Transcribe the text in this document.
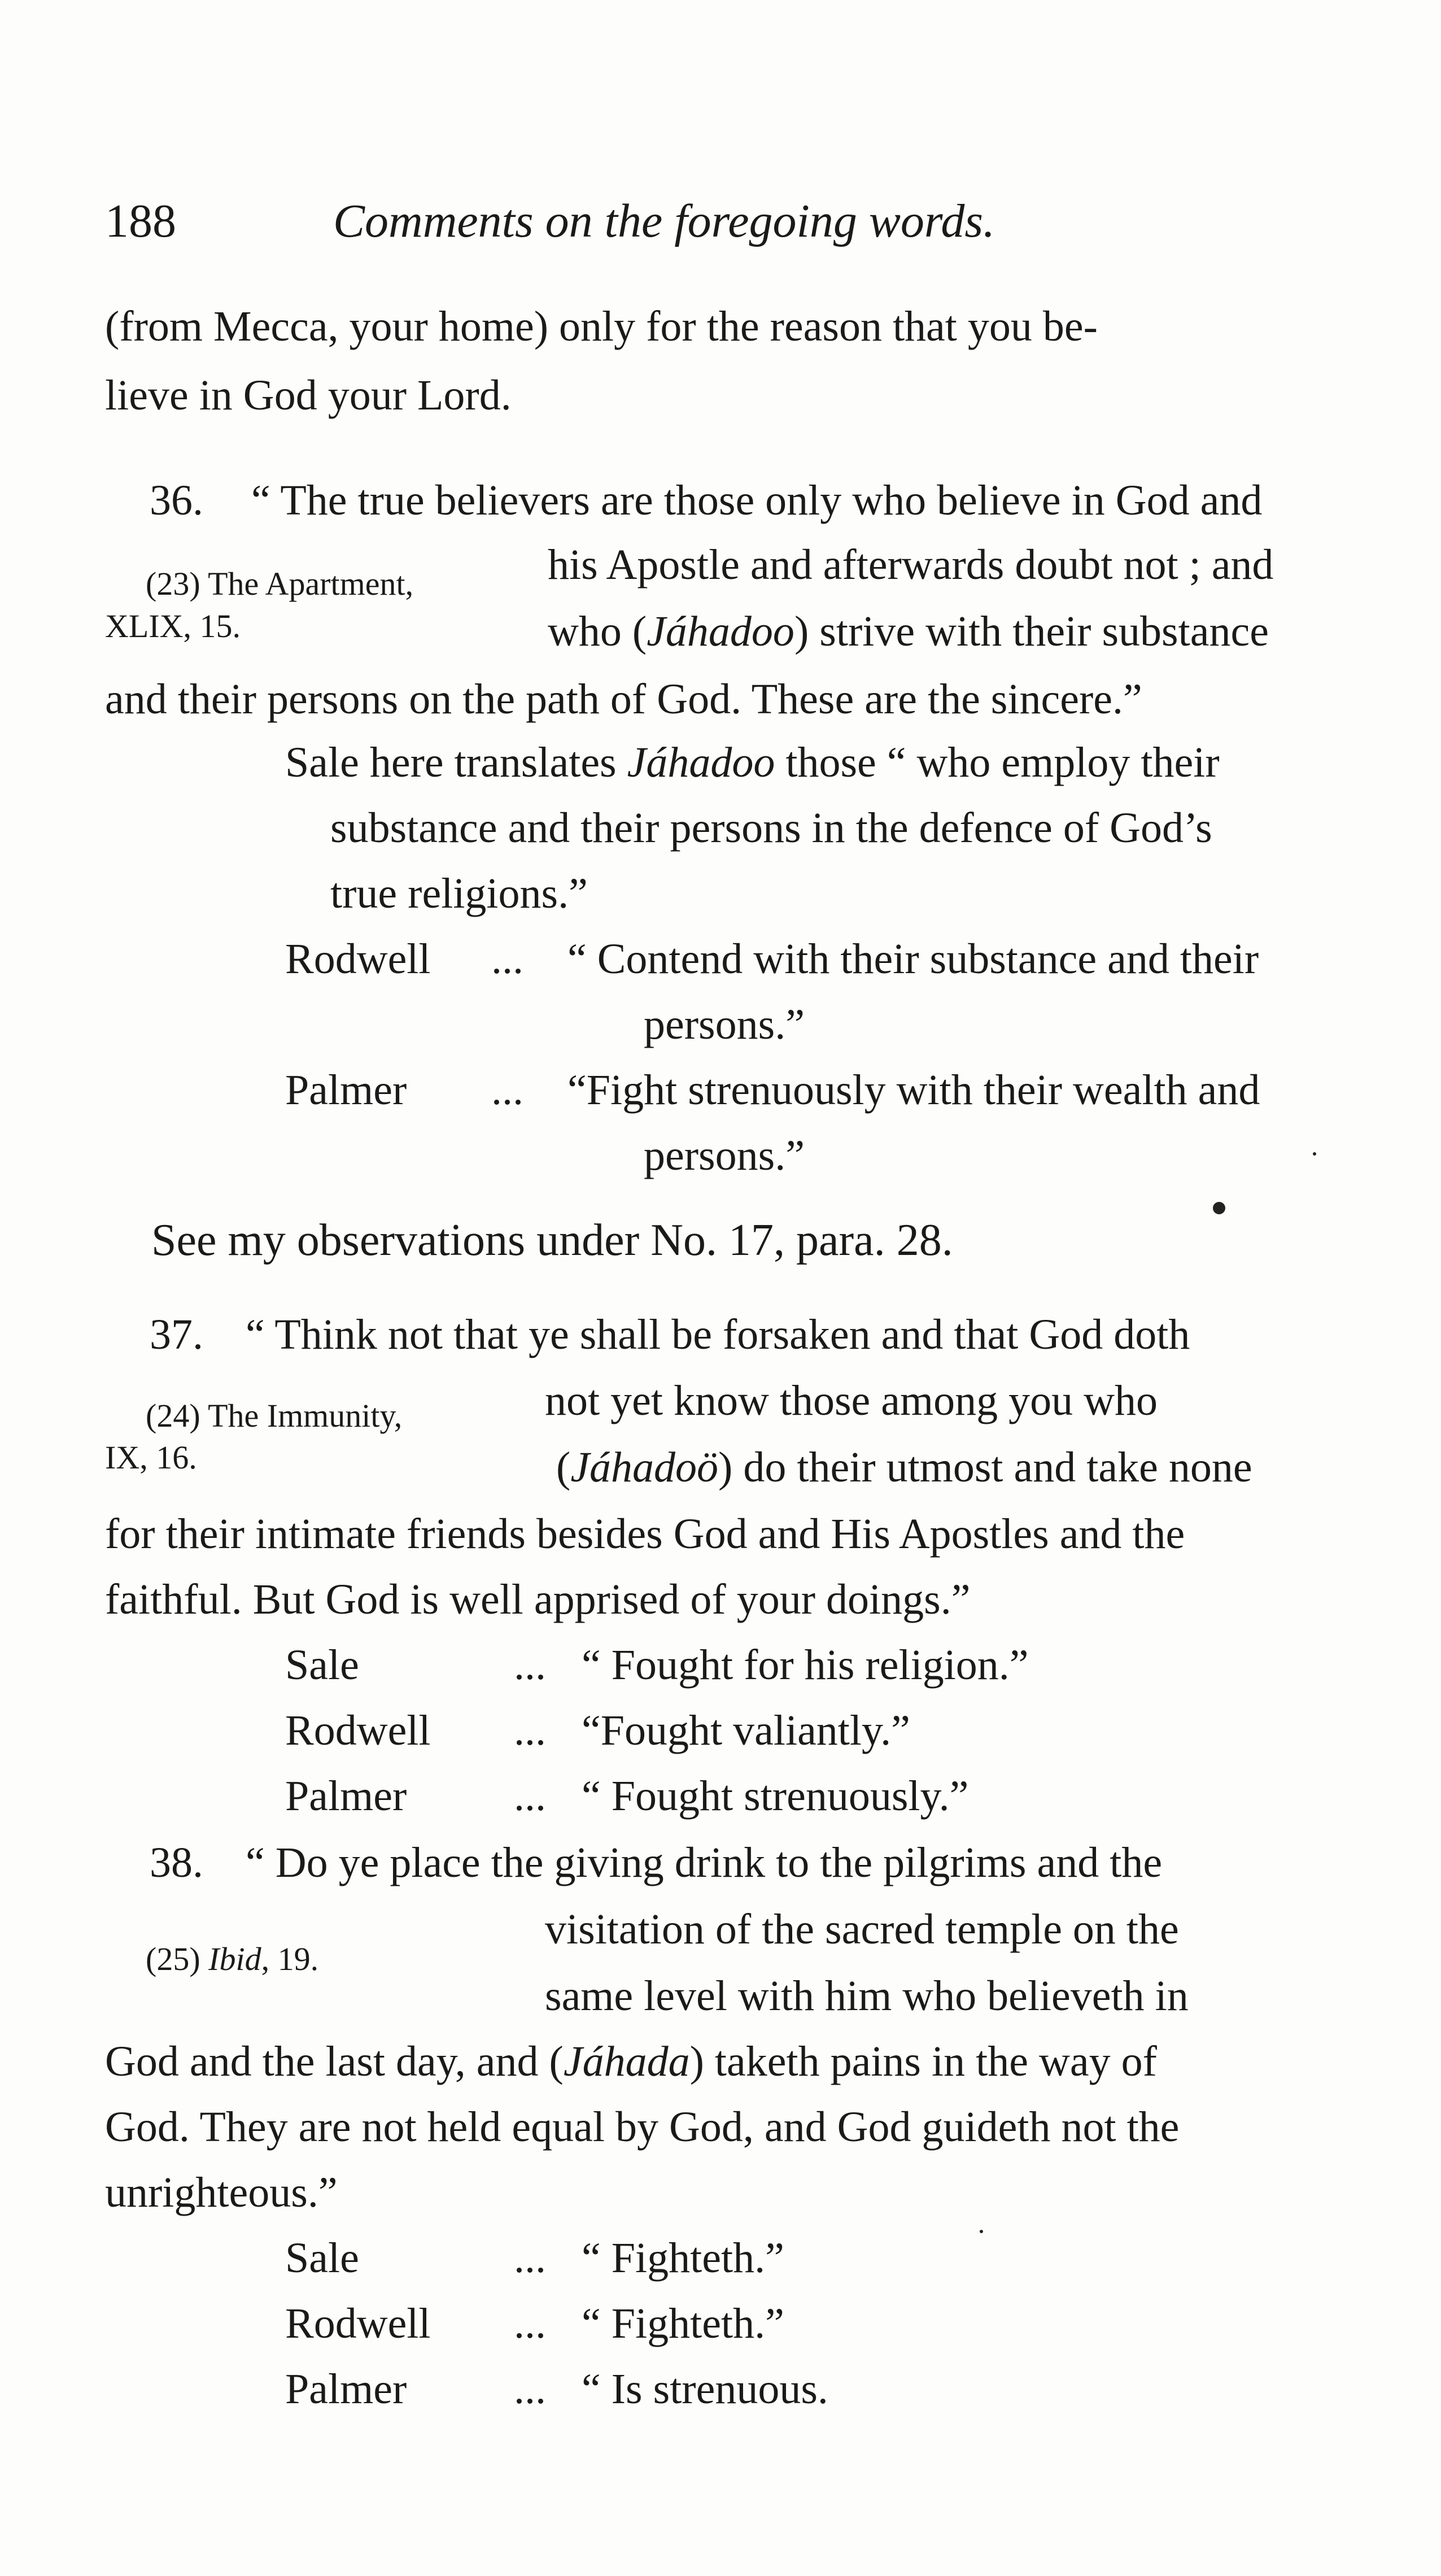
188	Comments on the foregoing words.

(from Mecca, your home) only for the reason that you be-

lieve in God your Lord.

36. “ The true believers are those only who believe in God and

(23) The Apartment,

XLIX, 15.

his Apostle and afterwards doubt not ; and

who (Jáhadoo) strive with their substance

and their persons on the path of God. These are the sincere.”

Sale here translates Jáhadoo those “ who employ their

substance and their persons in the defence of God’s

true religions.”

Rodwell ... “ Contend with their substance and their

persons.”

Palmer ... “Fight strenuously with their wealth and

persons.”

See my observations under No. 17, para. 28.

37. “ Think not that ye shall be forsaken and that God doth

(24) The Immunity,

IX, 16.

not yet know those among you who

(Jáhadoö) do their utmost and take none

for their intimate friends besides God and His Apostles and the

faithful. But God is well apprised of your doings.”

Sale	... “ Fought for his religion.”

Rodwell ... “Fought valiantly.”

Palmer ... “ Fought strenuously.”

38. “ Do ye place the giving drink to the pilgrims and the

(25) Ibid, 19.

visitation of the sacred temple on the

same level with him who believeth in

God and the last day, and (Jáhada) taketh pains in the way of

God. They are not held equal by God, and God guideth not the

unrighteous.”

Sale	... “ Fighteth.”

Rodwell ... “ Fighteth.”

Palmer ... “ Is strenuous.
